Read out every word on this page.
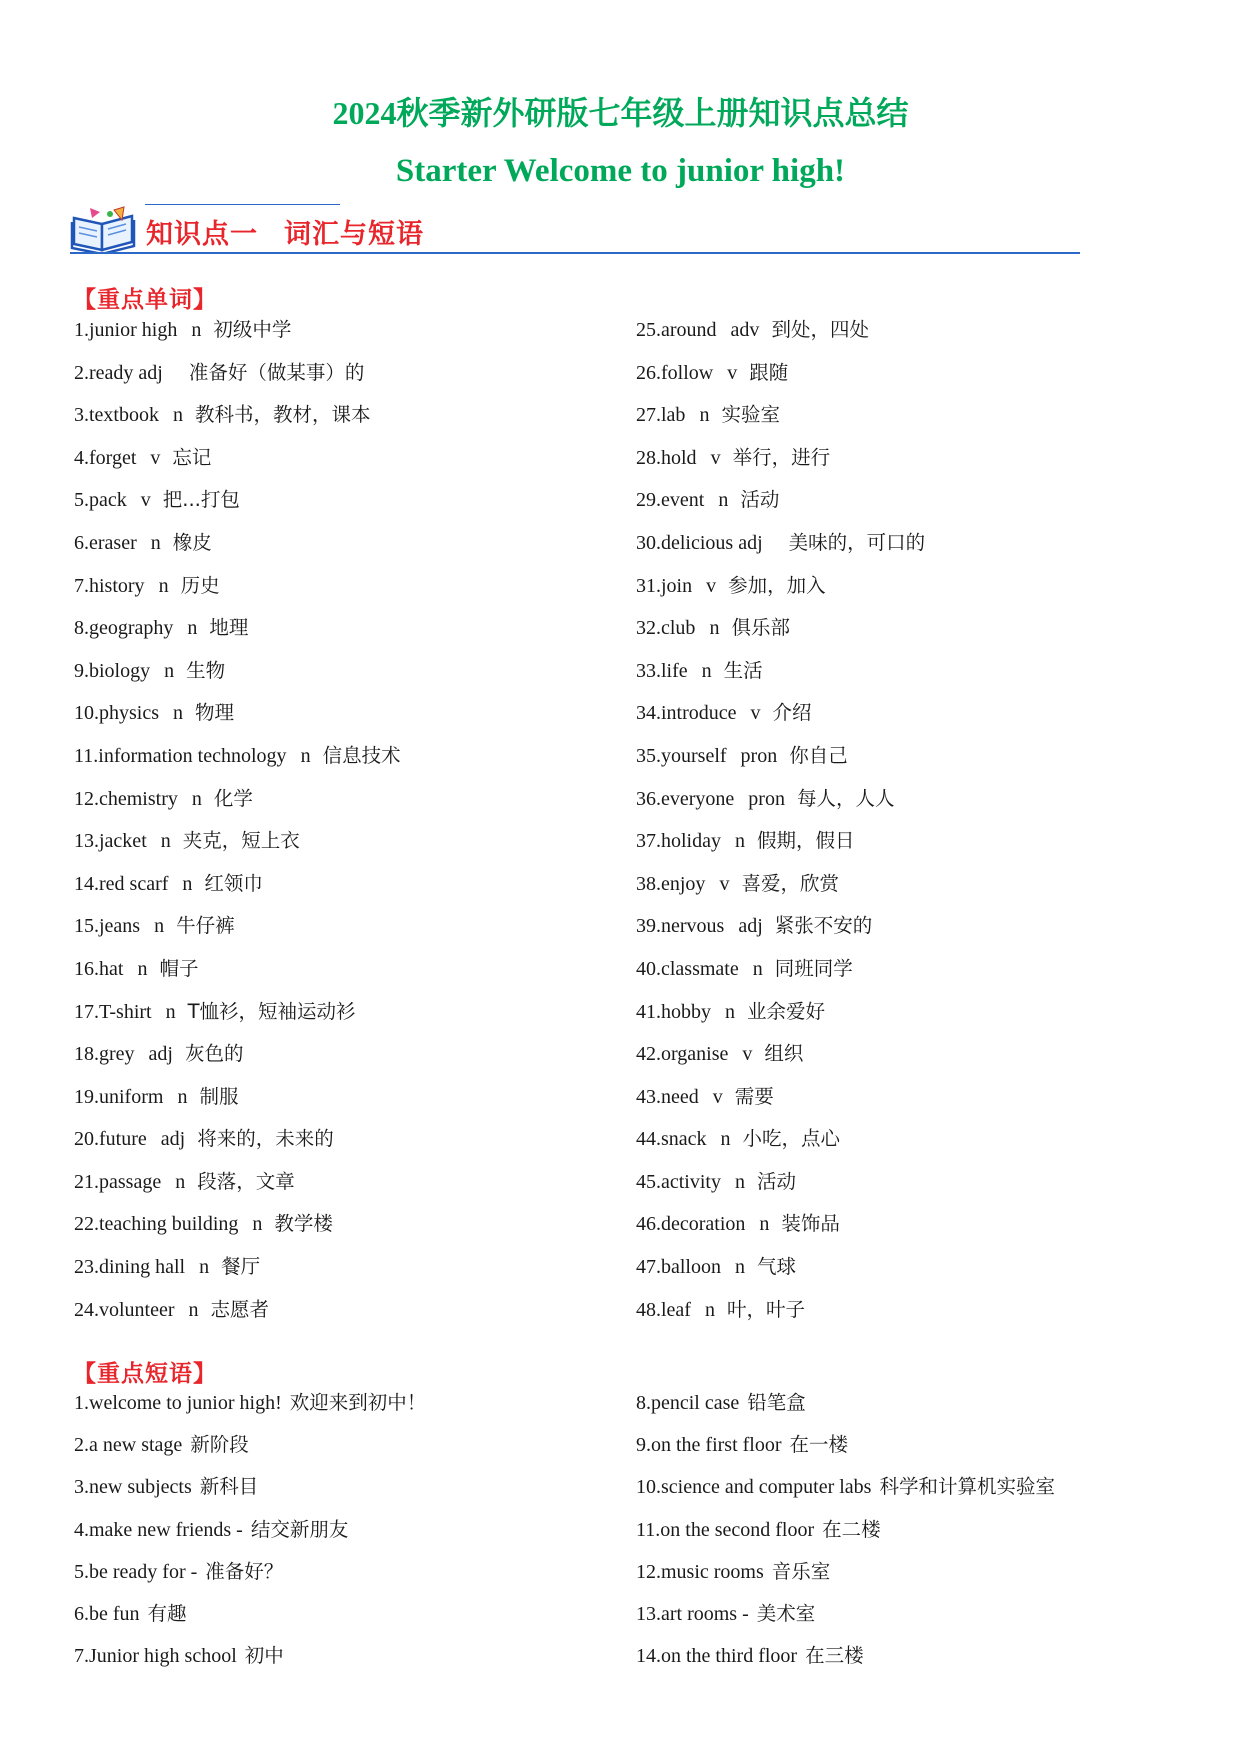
2024秋季新外研版七年级上册知识点总结
Starter Welcome to junior high!
知识点一 词汇与短语
【重点单词】
1.junior high n 初级中学
2.ready adj 准备好（做某事）的
3.textbook n 教科书，教材，课本
4.forget v 忘记
5.pack v 把...打包
6.eraser n 橡皮
7.history n 历史
8.geography n 地理
9.biology n 生物
10.physics n 物理
11.information technology n 信息技术
12.chemistry n 化学
13.jacket n 夹克，短上衣
14.red scarf n 红领巾
15.jeans n 牛仔裤
16.hat n 帽子
17.T-shirt n T恤衫，短袖运动衫
18.grey adj 灰色的
19.uniform n 制服
20.future adj 将来的，未来的
21.passage n 段落，文章
22.teaching building n 教学楼
23.dining hall n 餐厅
24.volunteer n 志愿者
25.around adv 到处，四处
26.follow v 跟随
27.lab n 实验室
28.hold v 举行，进行
29.event n 活动
30.delicious adj 美味的，可口的
31.join v 参加，加入
32.club n 俱乐部
33.life n 生活
34.introduce v 介绍
35.yourself pron 你自己
36.everyone pron 每人，人人
37.holiday n 假期，假日
38.enjoy v 喜爱，欣赏
39.nervous adj 紧张不安的
40.classmate n 同班同学
41.hobby n 业余爱好
42.organise v 组织
43.need v 需要
44.snack n 小吃，点心
45.activity n 活动
46.decoration n 装饰品
47.balloon n 气球
48.leaf n 叶，叶子
【重点短语】
1.welcome to junior high! 欢迎来到初中！
2.a new stage 新阶段
3.new subjects 新科目
4.make new friends - 结交新朋友
5.be ready for - 准备好？
6.be fun 有趣
7.Junior high school 初中
8.pencil case 铅笔盒
9.on the first floor 在一楼
10.science and computer labs 科学和计算机实验室
11.on the second floor 在二楼
12.music rooms 音乐室
13.art rooms - 美术室
14.on the third floor 在三楼
